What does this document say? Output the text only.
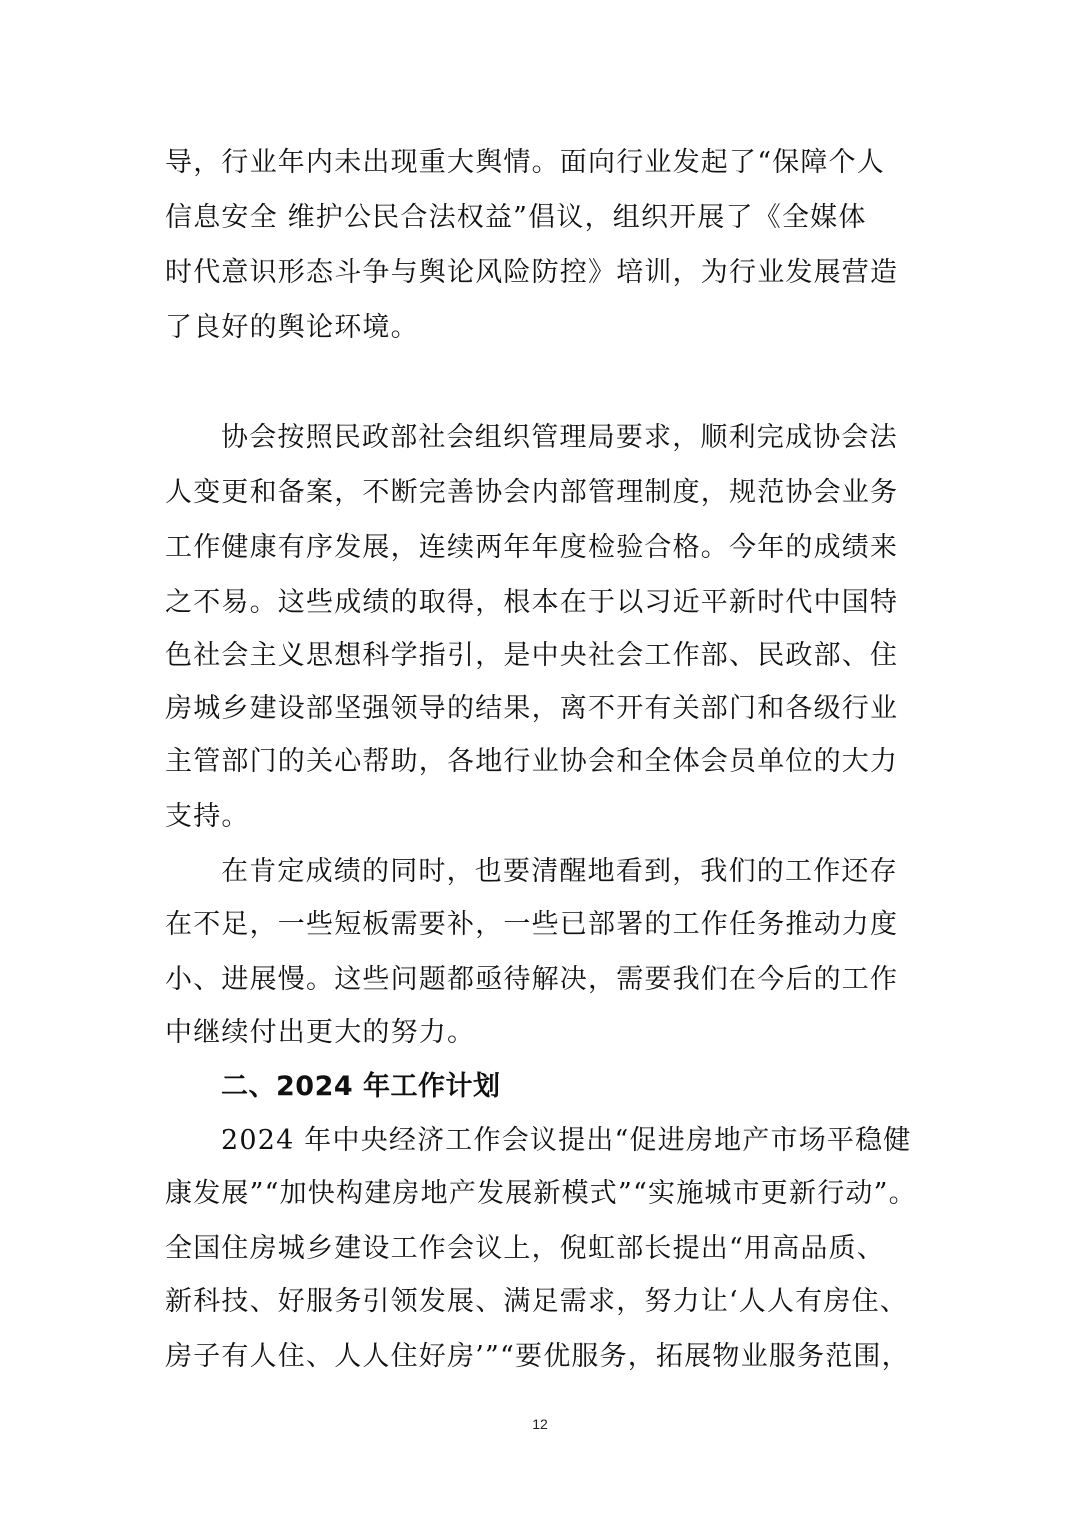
导，行业年内未出现重大舆情。面向行业发起了“保障个人
信息安全 维护公民合法权益”倡议，组织开展了《全媒体
时代意识形态斗争与舆论风险防控》培训，为行业发展营造
了良好的舆论环境。
协会按照民政部社会组织管理局要求，顺利完成协会法
人变更和备案，不断完善协会内部管理制度，规范协会业务
工作健康有序发展，连续两年年度检验合格。今年的成绩来
之不易。这些成绩的取得，根本在于以习近平新时代中国特
色社会主义思想科学指引，是中央社会工作部、民政部、住
房城乡建设部坚强领导的结果，离不开有关部门和各级行业
主管部门的关心帮助，各地行业协会和全体会员单位的大力
支持。
在肯定成绩的同时，也要清醒地看到，我们的工作还存
在不足，一些短板需要补，一些已部署的工作任务推动力度
小、进展慢。这些问题都亟待解决，需要我们在今后的工作
中继续付出更大的努力。
二、2024 年工作计划
2024 年中央经济工作会议提出“促进房地产市场平稳健
康发展”“加快构建房地产发展新模式”“实施城市更新行动”。
全国住房城乡建设工作会议上，倪虹部长提出“用高品质、
新科技、好服务引领发展、满足需求，努力让‘人人有房住、
房子有人住、人人住好房’”“要优服务，拓展物业服务范围，
12
